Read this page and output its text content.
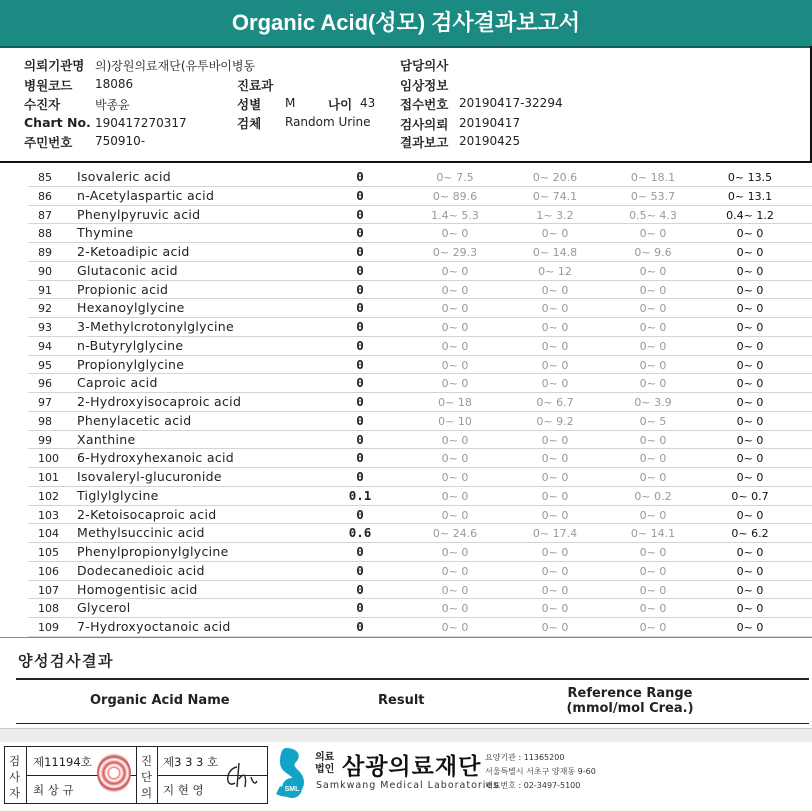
Organic Acid(성모) 검사결과보고서
의뢰기관명 의)장원의료재단(유투바이병동
병원코드 18086
수진자	박종윤
Chart No. 190417270317
주민번호 750910-
진료과
성별 M	나이 43
검체 Random Urine
담당의사
임상정보
접수번호 20190417-32294
검사의뢰 20190417
결과보고 20190425
85 Isovaleric acid	0	0~ 7.5	0~ 20.6	0~ 18.1	0~ 13.5
86 n-Acetylaspartic acid	0	0~ 89.6	0~ 74.1	0~ 53.7	0~ 13.1
87 Phenylpyruvic acid	0	1.4~ 5.3	1~ 3.2	0.5~ 4.3	0.4~ 1.2
88 Thymine	0	0~ 0	0~ 0	0~ 0	0~ 0
89 2-Ketoadipic acid	0	0~ 29.3	0~ 14.8	0~ 9.6	0~ 0
90 Glutaconic acid	0	0~ 0	0~ 12	0~ 0	0~ 0
91 Propionic acid	0	0~ 0	0~ 0	0~ 0	0~ 0
92 Hexanoylglycine	0	0~ 0	0~ 0	0~ 0	0~ 0
93 3-Methylcrotonylglycine	0	0~ 0	0~ 0	0~ 0	0~ 0
94 n-Butyrylglycine	0	0~ 0	0~ 0	0~ 0	0~ 0
95 Propionylglycine	0	0~ 0	0~ 0	0~ 0	0~ 0
96 Caproic acid	0	0~ 0	0~ 0	0~ 0	0~ 0
97 2-Hydroxyisocaproic acid	0	0~ 18	0~ 6.7	0~ 3.9	0~ 0
98 Phenylacetic acid	0	0~ 10	0~ 9.2	0~ 5	0~ 0
99 Xanthine	0	0~ 0	0~ 0	0~ 0	0~ 0
100 6-Hydroxyhexanoic acid	0	0~ 0	0~ 0	0~ 0	0~ 0
101 Isovaleryl-glucuronide	0	0~ 0	0~ 0	0~ 0	0~ 0
102 Tiglylglycine	0.1	0~ 0	0~ 0	0~ 0.2	0~ 0.7
103 2-Ketoisocaproic acid	0	0~ 0	0~ 0	0~ 0	0~ 0
104 Methylsuccinic acid	0.6	0~ 24.6	0~ 17.4	0~ 14.1	0~ 6.2
105 Phenylpropionylglycine	0	0~ 0	0~ 0	0~ 0	0~ 0
106 Dodecanedioic acid	0	0~ 0	0~ 0	0~ 0	0~ 0
107 Homogentisic acid	0	0~ 0	0~ 0	0~ 0	0~ 0
108 Glycerol	0	0~ 0	0~ 0	0~ 0	0~ 0
109 7-Hydroxyoctanoic acid	0	0~ 0	0~ 0	0~ 0	0~ 0
양성검사결과
Organic Acid Name	Result	Reference Range
(mmol/mol Crea.)
검
사
자
제11194호
최 상 규
진
단
의
제3 3 3 호
지 현 영	SML
의료
법인 삼광의료재단
Samkwang Medical Laboratories
요양기관 : 11365200
서울특별시 서초구 양재동 9-60
대표번호 : 02-3497-5100
